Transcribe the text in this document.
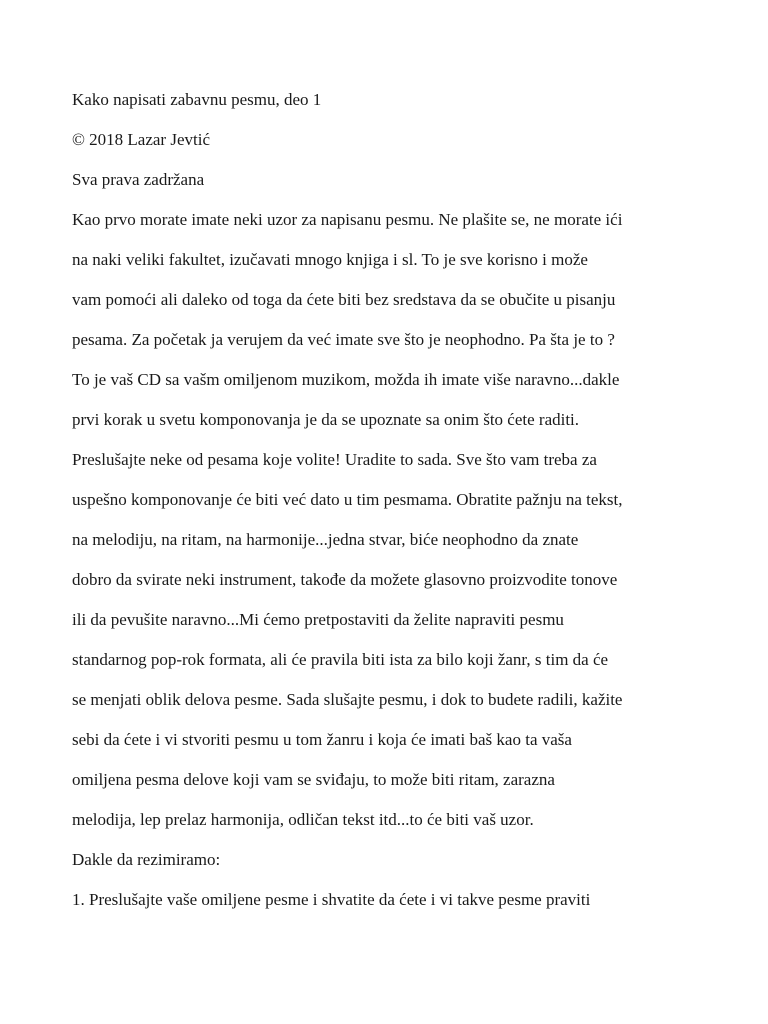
Kako napisati zabavnu pesmu, deo 1

© 2018 Lazar Jevtić

Sva prava zadržana

Kao prvo morate imate neki uzor za napisanu pesmu. Ne plašite se, ne morate ići

na naki veliki fakultet, izučavati mnogo knjiga i sl. To je sve korisno i može

vam pomoći ali daleko od toga da ćete biti bez sredstava da se obučite u pisanju

pesama. Za početak ja verujem da već imate sve što je neophodno. Pa šta je to ?

To je vaš CD sa vašm omiljenom muzikom, možda ih imate više naravno...dakle

prvi korak u svetu komponovanja je da se upoznate sa onim što ćete raditi.

Preslušajte neke od pesama koje volite! Uradite to sada. Sve što vam treba za

uspešno komponovanje će biti već dato u tim pesmama. Obratite pažnju na tekst,

na melodiju, na ritam, na harmonije...jedna stvar, biće neophodno da znate

dobro da svirate neki instrument, takođe da možete glasovno proizvodite tonove

ili da pevušite naravno...Mi ćemo pretpostaviti da želite napraviti pesmu

standarnog pop-rok formata, ali će pravila biti ista za bilo koji žanr, s tim da će

se menjati oblik delova pesme. Sada slušajte pesmu, i dok to budete radili, kažite

sebi da ćete i vi stvoriti pesmu u tom žanru i koja će imati baš kao ta vaša

omiljena pesma delove koji vam se sviđaju, to može biti ritam, zarazna

melodija, lep prelaz harmonija, odličan tekst itd...to će biti vaš uzor.

Dakle da rezimiramo:

1. Preslušajte vaše omiljene pesme i shvatite da ćete i vi takve pesme praviti
